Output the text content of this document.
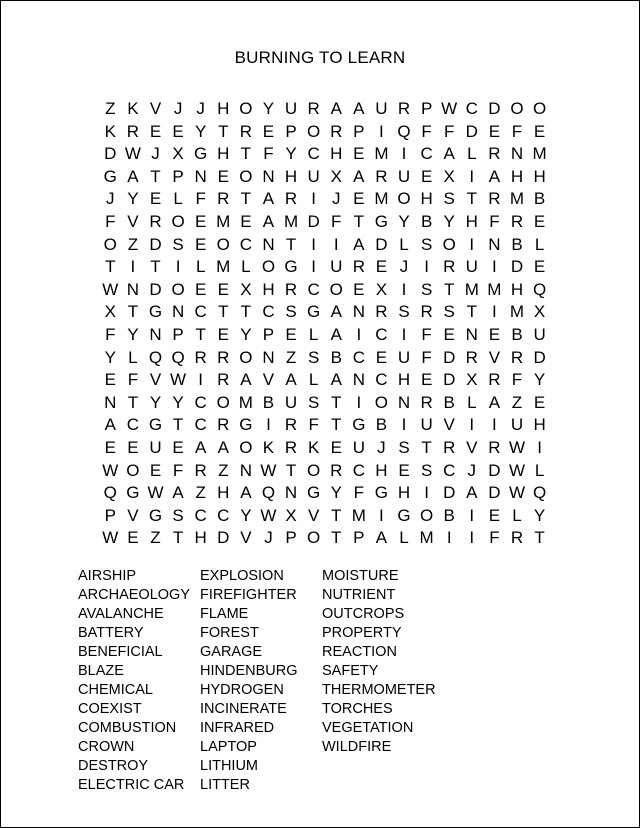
BURNING TO LEARN
Z K V J J H O Y U R A A U R P W C D O O
K R E E Y T R E P O R P I Q F F D E F E
D W J X G H T F Y C H E M I C A L R N M
G A T P N E O N H U X A R U E X I A H H
J Y E L F R T A R I J E M O H S T R M B
F V R O E M E A M D F T G Y B Y H F R E
O Z D S E O C N T I	I A D L S O I N B L
T I T I L M L O G I U R E J I R U I D E
W N D O E E X H R C O E X I S T M M H Q
X T G N C T T C S G A N R S R S T I M X
F Y N P T E Y P E L A I C I F E N E B U
Y L Q Q R R O N Z S B C E U F D R V R D
E F V W I R A V A L A N C H E D X R F Y
N T Y Y C O M B U S T I O N R B L A Z E
A C G T C R G I R F T G B I U V I	I U H
E E U E A A O K R K E U J S T R V R W I
W O E F R Z N W T O R C H E S C J D W L
Q G W A Z H A Q N G Y F G H I D A D W Q
P V G S C C Y W X V T M I G O B I E L Y
W E Z T H D V J P O T P A L M I	I F R T
AIRSHIP
ARCHAEOLOGY
AVALANCHE
BATTERY
BENEFICIAL
BLAZE
CHEMICAL
COEXIST
COMBUSTION
CROWN
DESTROY
ELECTRIC CAR
EXPLOSION
FIREFIGHTER
FLAME
FOREST
GARAGE
HINDENBURG
HYDROGEN
INCINERATE
INFRARED
LAPTOP
LITHIUM
LITTER
MOISTURE
NUTRIENT
OUTCROPS
PROPERTY
REACTION
SAFETY
THERMOMETER
TORCHES
VEGETATION
WILDFIRE
